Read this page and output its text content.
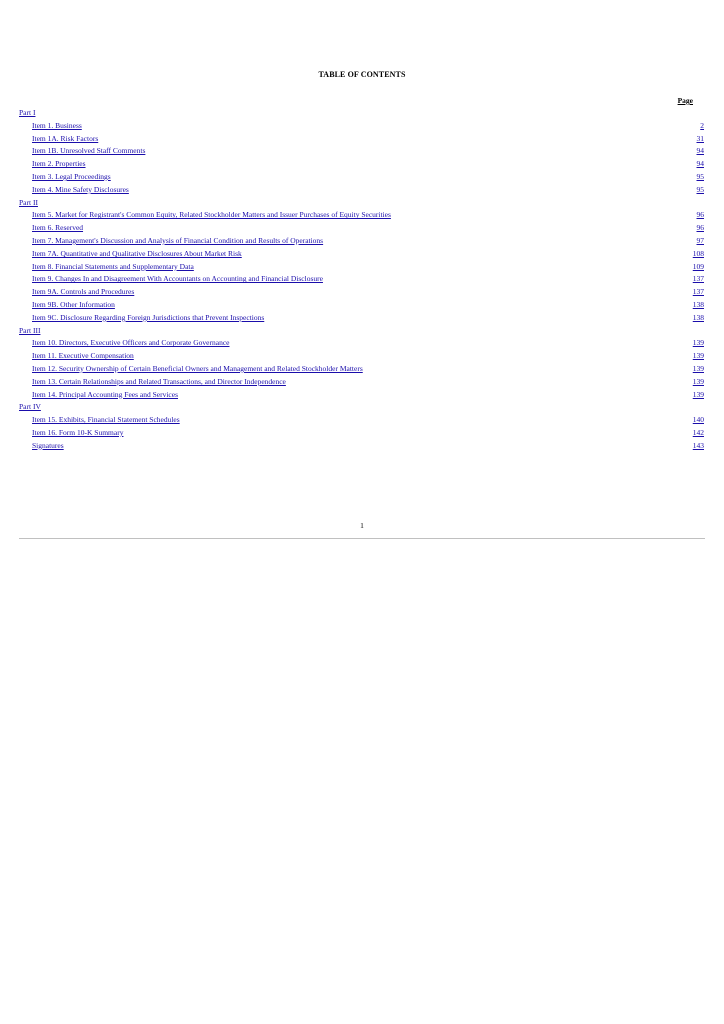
TABLE OF CONTENTS
Page
Part I
Item 1. Business	2
Item 1A. Risk Factors	31
Item 1B. Unresolved Staff Comments	94
Item 2. Properties	94
Item 3. Legal Proceedings	95
Item 4. Mine Safety Disclosures	95
Part II
Item 5. Market for Registrant's Common Equity, Related Stockholder Matters and Issuer Purchases of Equity Securities	96
Item 6. Reserved	96
Item 7. Management's Discussion and Analysis of Financial Condition and Results of Operations	97
Item 7A. Quantitative and Qualitative Disclosures About Market Risk	108
Item 8. Financial Statements and Supplementary Data	109
Item 9. Changes In and Disagreement With Accountants on Accounting and Financial Disclosure	137
Item 9A. Controls and Procedures	137
Item 9B. Other Information	138
Item 9C. Disclosure Regarding Foreign Jurisdictions that Prevent Inspections	138
Part III
Item 10. Directors, Executive Officers and Corporate Governance	139
Item 11. Executive Compensation	139
Item 12. Security Ownership of Certain Beneficial Owners and Management and Related Stockholder Matters	139
Item 13. Certain Relationships and Related Transactions, and Director Independence	139
Item 14. Principal Accounting Fees and Services	139
Part IV
Item 15. Exhibits, Financial Statement Schedules	140
Item 16. Form 10-K Summary	142
Signatures	143
1
